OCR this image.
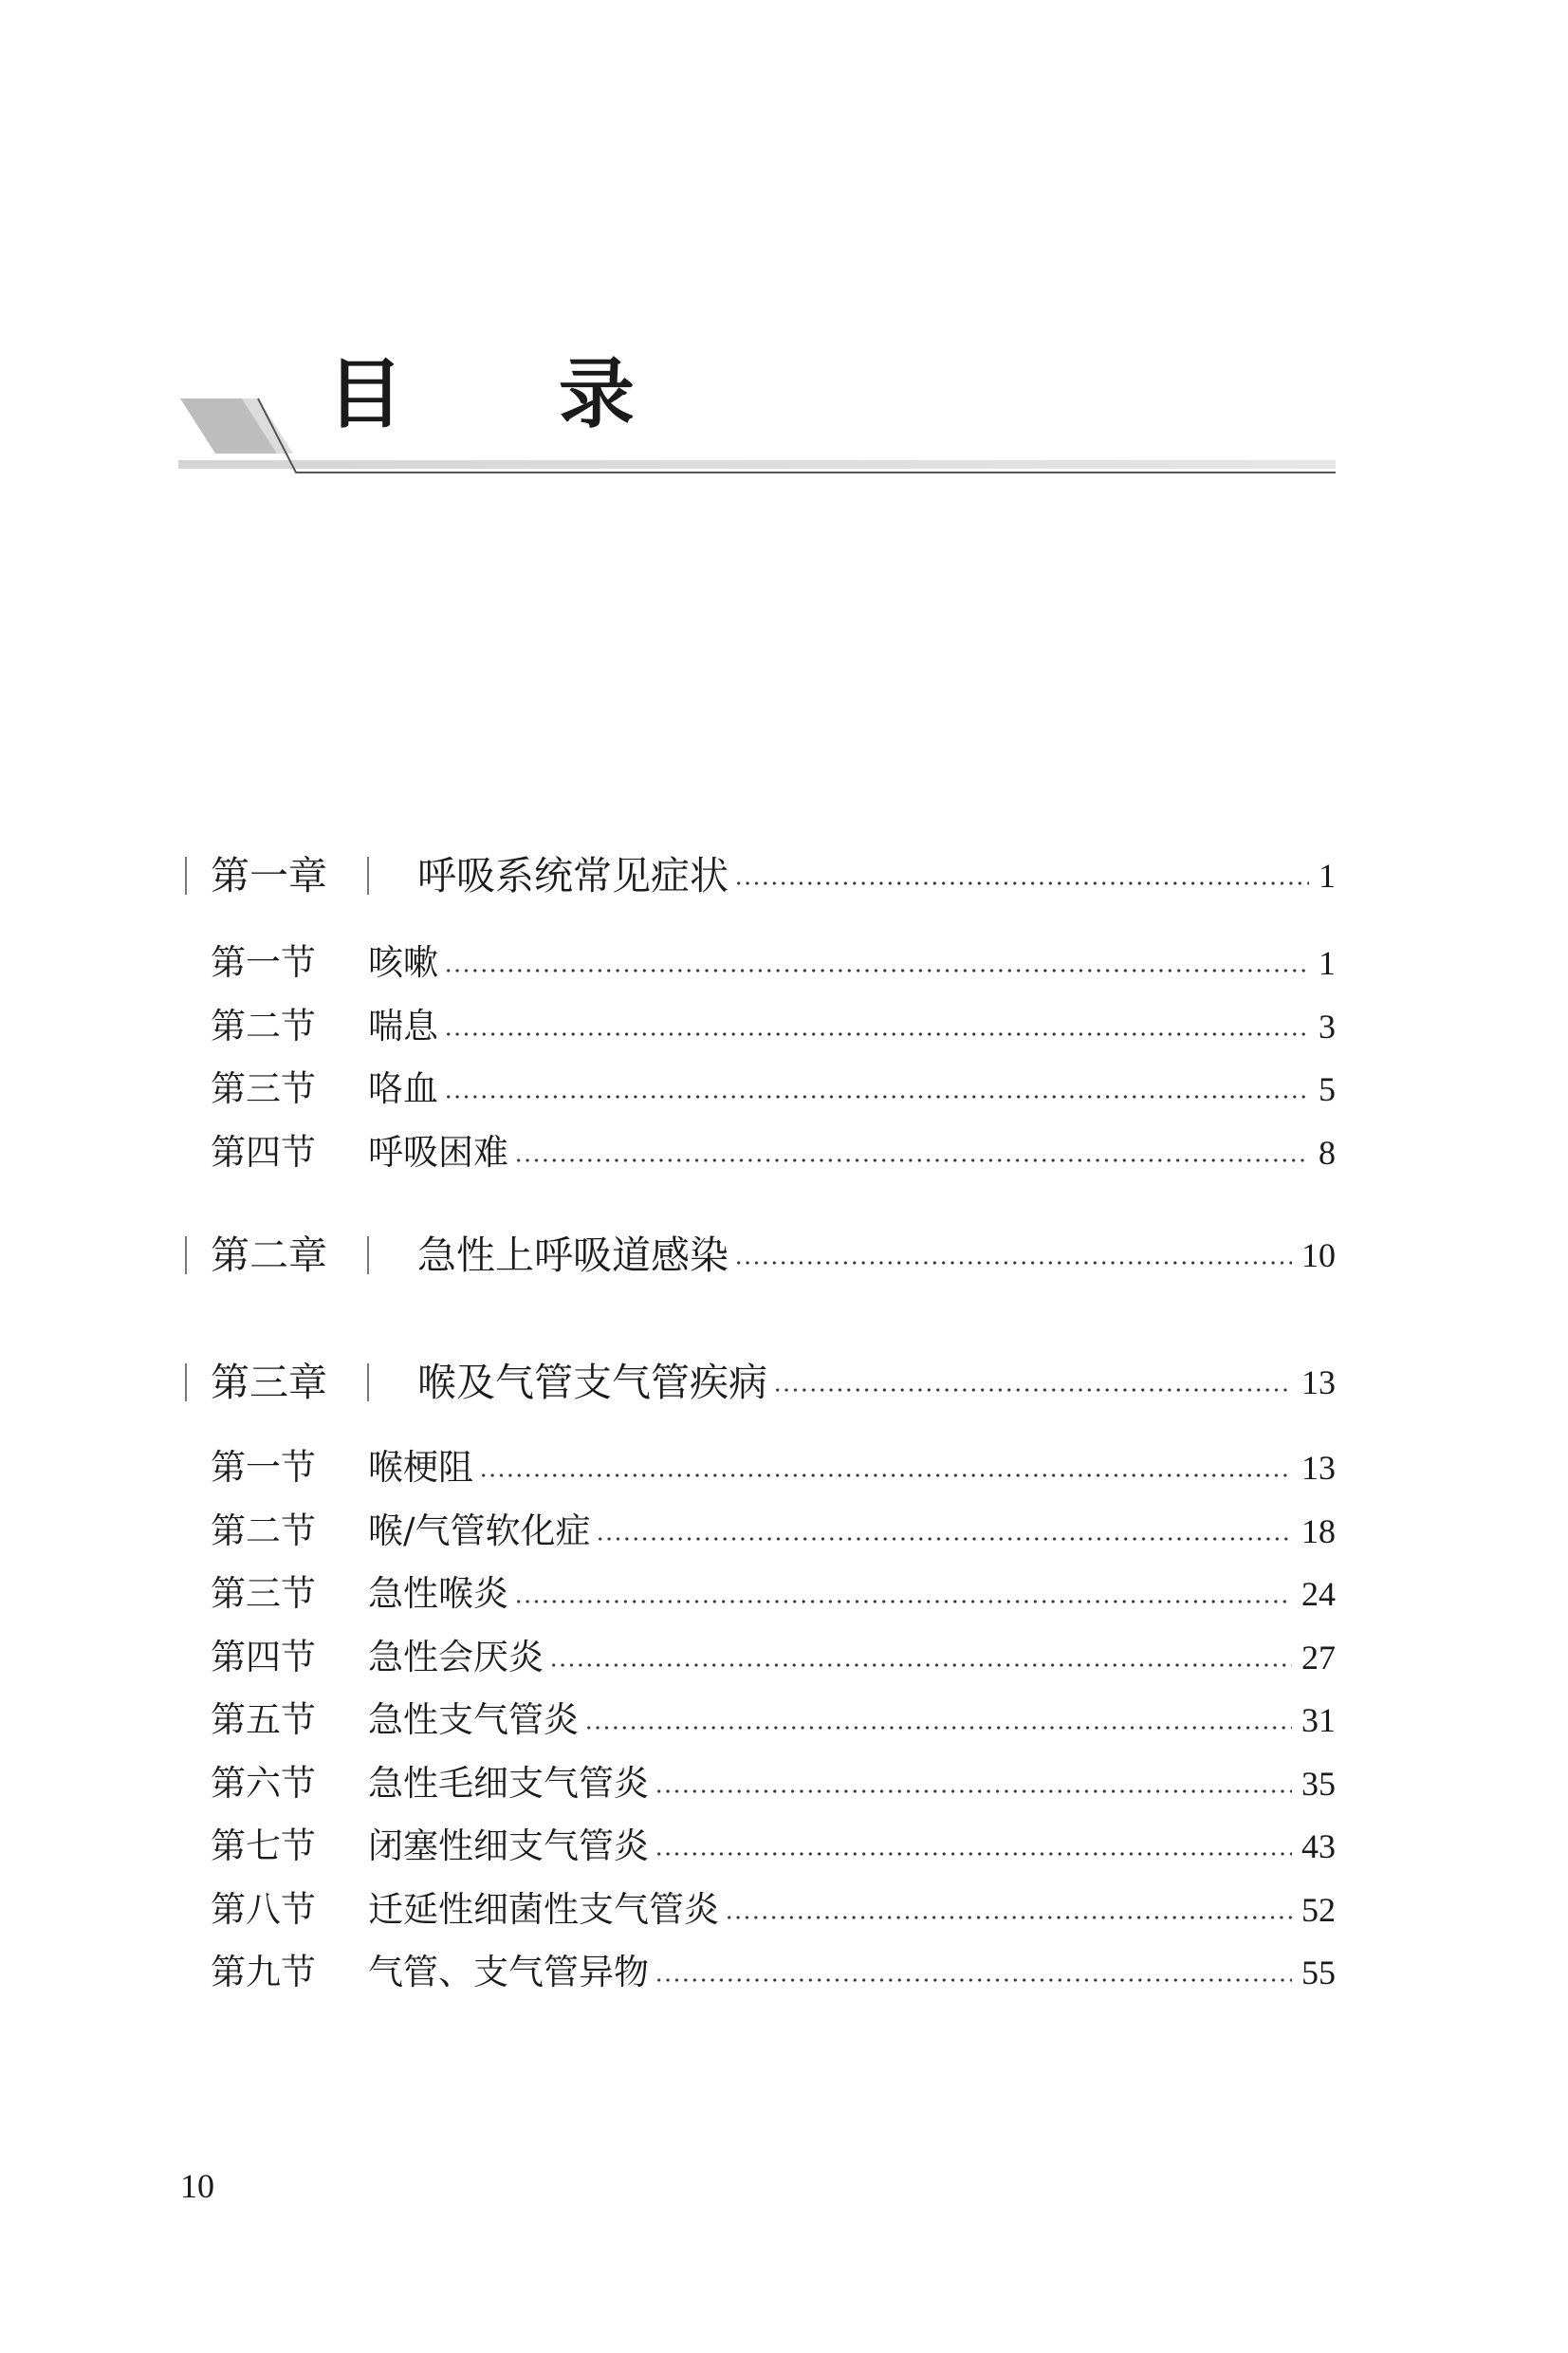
目 录
第一章 呼吸系统常见症状	1
第一节 咳嗽	1
第二节 喘息	3
第三节 咯血	5
第四节 呼吸困难	8
第二章 急性上呼吸道感染	10
第三章 喉及气管支气管疾病	13
第一节 喉梗阻	13
第二节 喉/气管软化症	18
第三节 急性喉炎	24
第四节 急性会厌炎	27
第五节 急性支气管炎	31
第六节 急性毛细支气管炎	35
第七节 闭塞性细支气管炎	43
第八节 迁延性细菌性支气管炎	52
第九节 气管、支气管异物	55
10
